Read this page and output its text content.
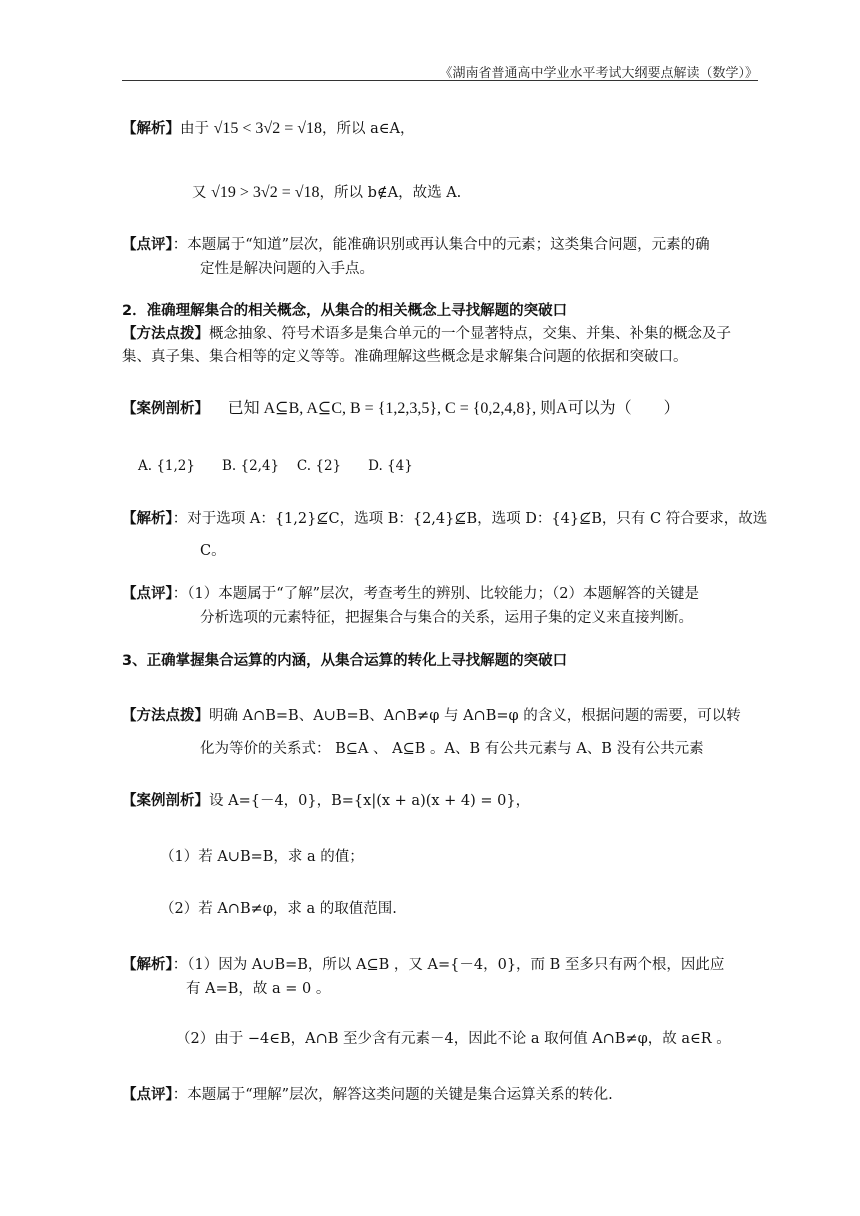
《湖南省普通高中学业水平考试大纲要点解读（数学）》
【解析】由于 √15 < 3√2 = √18，所以 a∈A，
又 √19 > 3√2 = √18，所以 b∉A，故选 A.
【点评】：本题属于“知道”层次，能准确识别或再认集合中的元素；这类集合问题，元素的确
定性是解决问题的入手点。
2．准确理解集合的相关概念，从集合的相关概念上寻找解题的突破口
【方法点拨】概念抽象、符号术语多是集合单元的一个显著特点，交集、并集、补集的概念及子
集、真子集、集合相等的定义等等。准确理解这些概念是求解集合问题的依据和突破口。
【案例剖析】 已知 A⊆B, A⊆C, B = {1,2,3,5}, C = {0,2,4,8}, 则A可以为（　　）
A. {1,2}　　B. {2,4}　 C. {2}　　D. {4}
【解析】：对于选项 A：{1,2}⊈C，选项 B：{2,4}⊈B，选项 D：{4}⊈B，只有 C 符合要求，故选
C。
【点评】：（1）本题属于“了解”层次，考查考生的辨别、比较能力；（2）本题解答的关键是
分析选项的元素特征，把握集合与集合的关系，运用子集的定义来直接判断。
3、正确掌握集合运算的内涵，从集合运算的转化上寻找解题的突破口
【方法点拨】明确 A∩B=B、A∪B=B、A∩B≠φ 与 A∩B=φ 的含义，根据问题的需要，可以转
化为等价的关系式： B⊆A 、 A⊆B 。A、B 有公共元素与 A、B 没有公共元素
【案例剖析】设 A={－4，0}，B={x|(x + a)(x + 4) = 0}，
（1）若 A∪B=B，求 a 的值；
（2）若 A∩B≠φ，求 a 的取值范围.
【解析】：（1）因为 A∪B=B，所以 A⊆B ，又 A={－4，0}，而 B 至多只有两个根，因此应
有 A=B，故 a = 0 。
（2）由于 −4∈B，A∩B 至少含有元素－4，因此不论 a 取何值 A∩B≠φ，故 a∈R 。
【点评】：本题属于“理解”层次，解答这类问题的关键是集合运算关系的转化.
